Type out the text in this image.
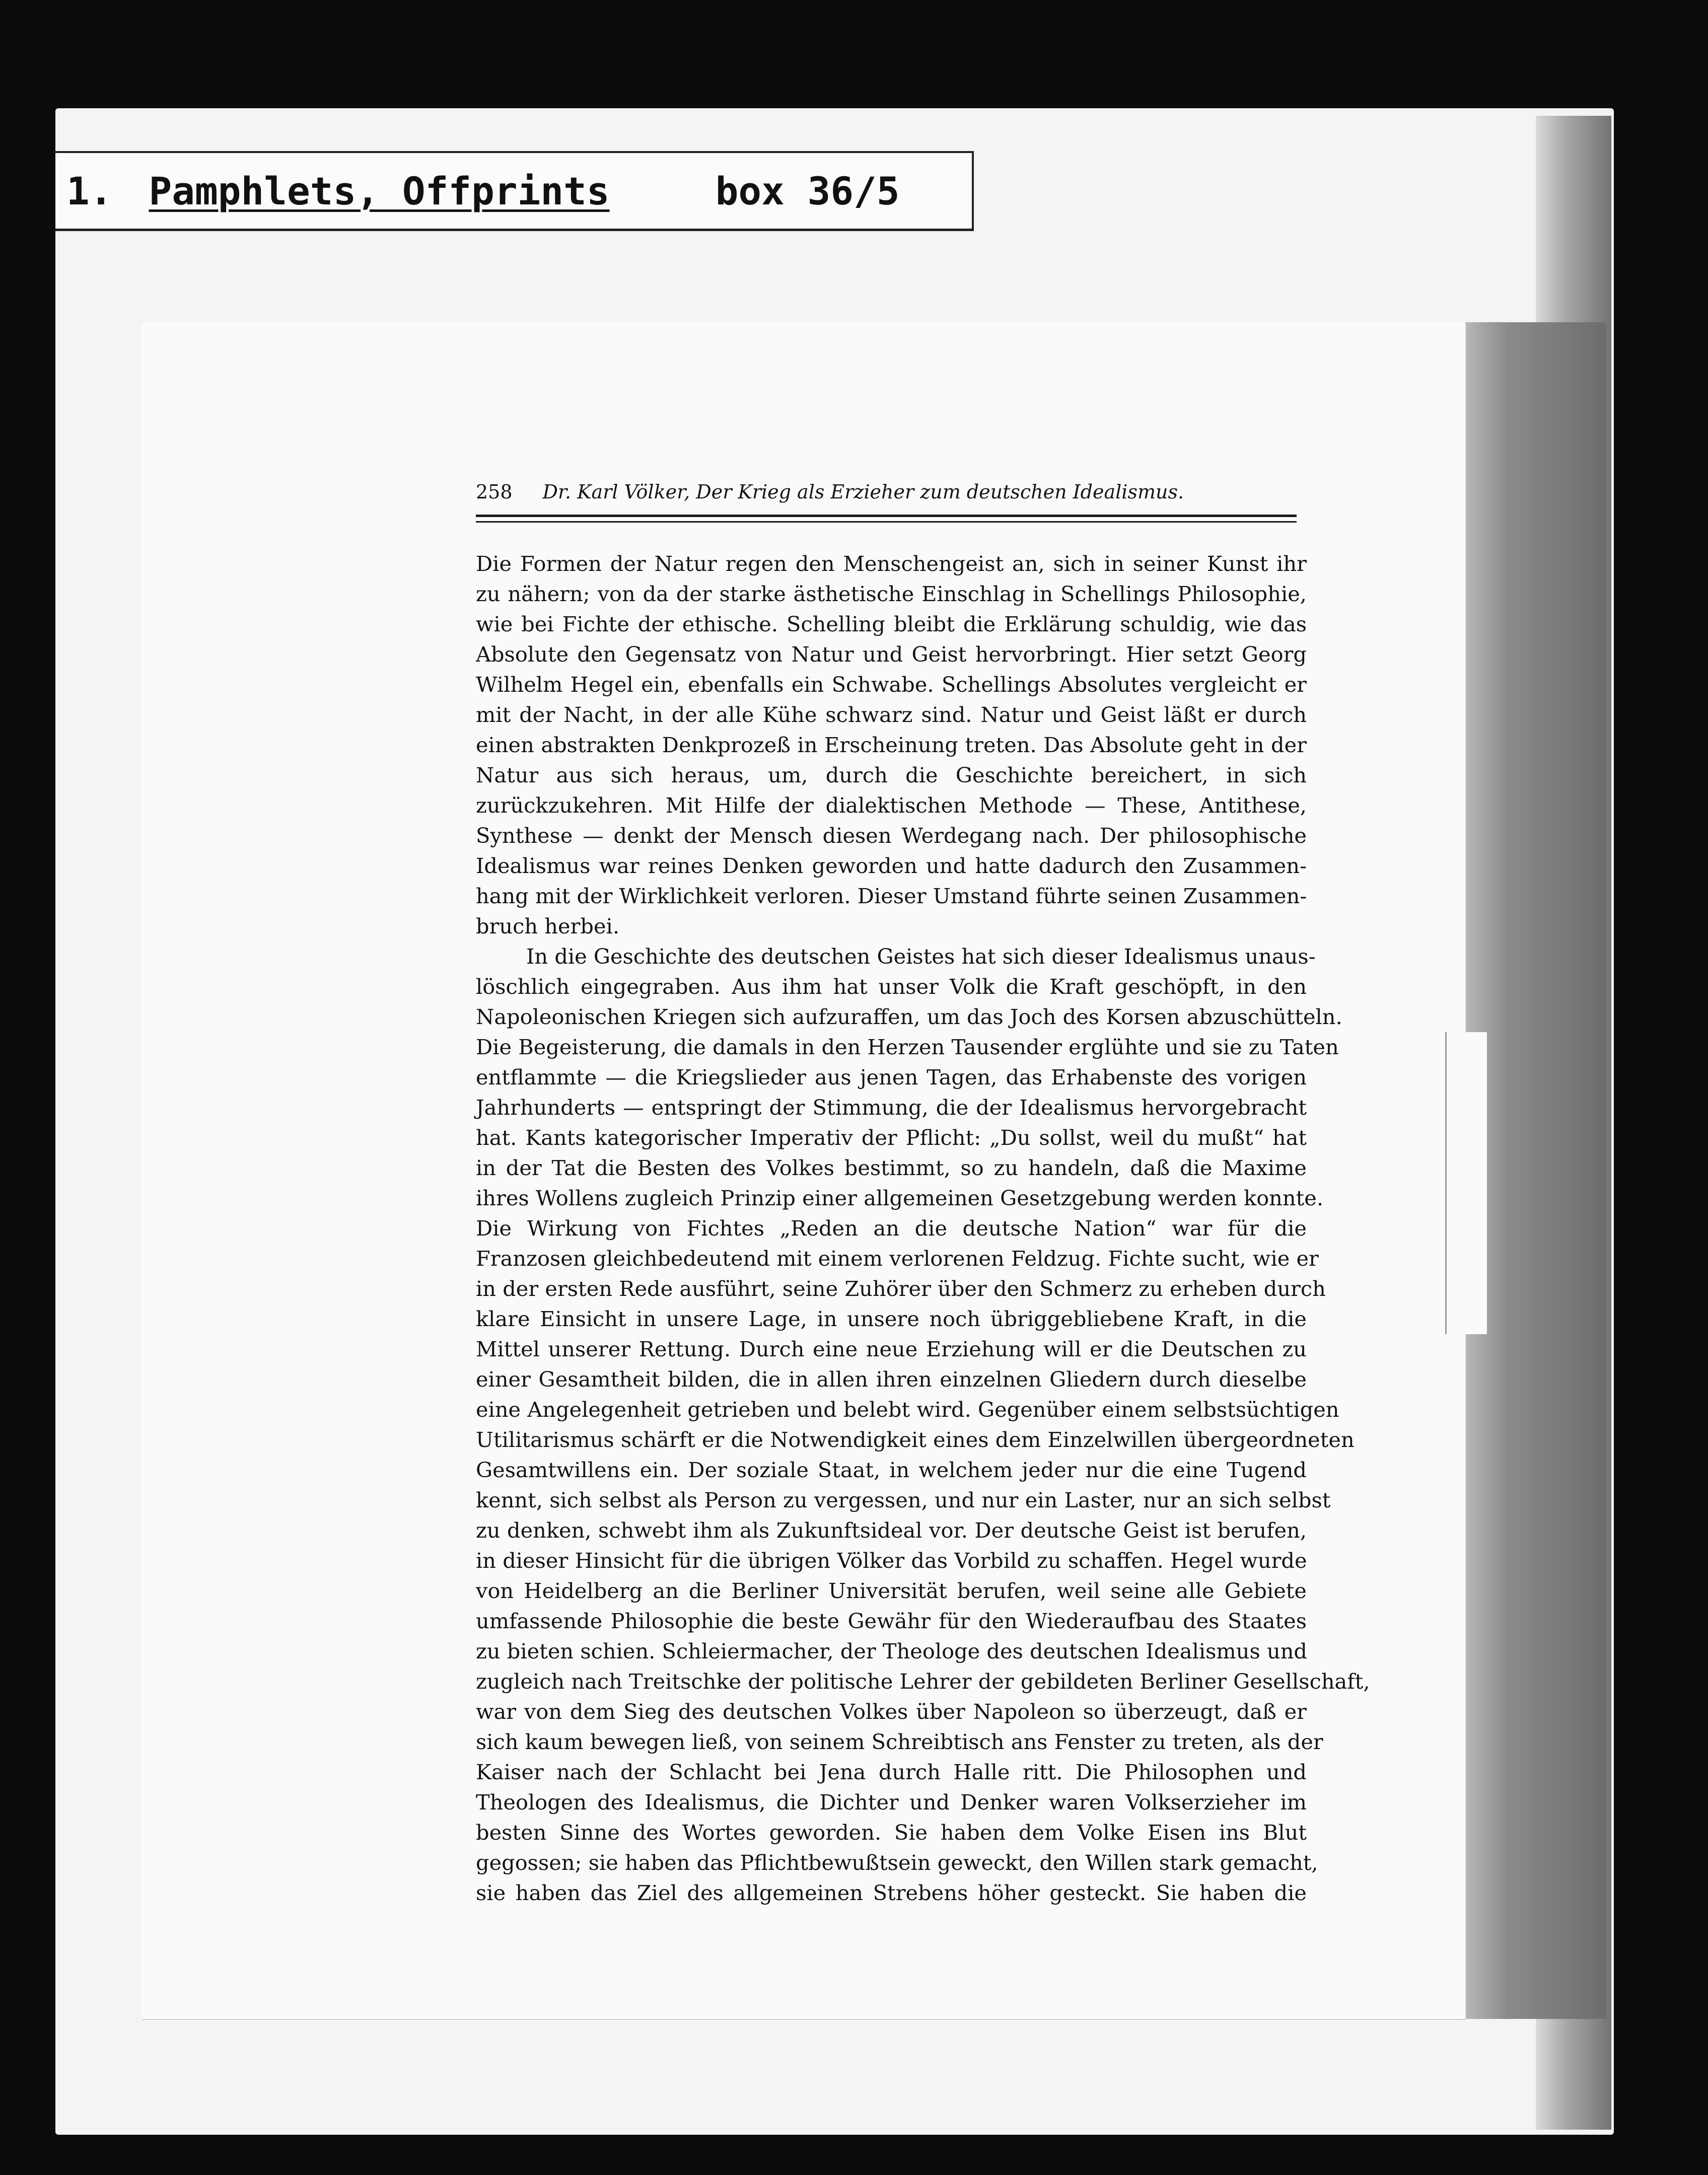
1. Pamphlets, Offprints	box 36/5
258 Dr. Karl Völker, Der Krieg als Erzieher zum deutschen Idealismus.
Die Formen der Natur regen den Menschengeist an, sich in seiner Kunst ihr
zu nähern; von da der starke ästhetische Einschlag in Schellings Philosophie,
wie bei Fichte der ethische. Schelling bleibt die Erklärung schuldig, wie das
Absolute den Gegensatz von Natur und Geist hervorbringt. Hier setzt Georg
Wilhelm Hegel ein, ebenfalls ein Schwabe. Schellings Absolutes vergleicht er
mit der Nacht, in der alle Kühe schwarz sind. Natur und Geist läßt er durch
einen abstrakten Denkprozeß in Erscheinung treten. Das Absolute geht in der
Natur aus sich heraus, um, durch die Geschichte bereichert, in sich
zurückzukehren. Mit Hilfe der dialektischen Methode — These, Antithese,
Synthese — denkt der Mensch diesen Werdegang nach. Der philosophische
Idealismus war reines Denken geworden und hatte dadurch den Zusammen-
hang mit der Wirklichkeit verloren. Dieser Umstand führte seinen Zusammen-
bruch herbei.
In die Geschichte des deutschen Geistes hat sich dieser Idealismus unaus-
löschlich eingegraben. Aus ihm hat unser Volk die Kraft geschöpft, in den
Napoleonischen Kriegen sich aufzuraffen, um das Joch des Korsen abzuschütteln.
Die Begeisterung, die damals in den Herzen Tausender erglühte und sie zu Taten
entflammte — die Kriegslieder aus jenen Tagen, das Erhabenste des vorigen
Jahrhunderts — entspringt der Stimmung, die der Idealismus hervorgebracht
hat. Kants kategorischer Imperativ der Pflicht: „Du sollst, weil du mußt“ hat
in der Tat die Besten des Volkes bestimmt, so zu handeln, daß die Maxime
ihres Wollens zugleich Prinzip einer allgemeinen Gesetzgebung werden konnte.
Die Wirkung von Fichtes „Reden an die deutsche Nation“ war für die
Franzosen gleichbedeutend mit einem verlorenen Feldzug. Fichte sucht, wie er
in der ersten Rede ausführt, seine Zuhörer über den Schmerz zu erheben durch
klare Einsicht in unsere Lage, in unsere noch übriggebliebene Kraft, in die
Mittel unserer Rettung. Durch eine neue Erziehung will er die Deutschen zu
einer Gesamtheit bilden, die in allen ihren einzelnen Gliedern durch dieselbe
eine Angelegenheit getrieben und belebt wird. Gegenüber einem selbstsüchtigen
Utilitarismus schärft er die Notwendigkeit eines dem Einzelwillen übergeordneten
Gesamtwillens ein. Der soziale Staat, in welchem jeder nur die eine Tugend
kennt, sich selbst als Person zu vergessen, und nur ein Laster, nur an sich selbst
zu denken, schwebt ihm als Zukunftsideal vor. Der deutsche Geist ist berufen,
in dieser Hinsicht für die übrigen Völker das Vorbild zu schaffen. Hegel wurde
von Heidelberg an die Berliner Universität berufen, weil seine alle Gebiete
umfassende Philosophie die beste Gewähr für den Wiederaufbau des Staates
zu bieten schien. Schleiermacher, der Theologe des deutschen Idealismus und
zugleich nach Treitschke der politische Lehrer der gebildeten Berliner Gesellschaft,
war von dem Sieg des deutschen Volkes über Napoleon so überzeugt, daß er
sich kaum bewegen ließ, von seinem Schreibtisch ans Fenster zu treten, als der
Kaiser nach der Schlacht bei Jena durch Halle ritt. Die Philosophen und
Theologen des Idealismus, die Dichter und Denker waren Volkserzieher im
besten Sinne des Wortes geworden. Sie haben dem Volke Eisen ins Blut
gegossen; sie haben das Pflichtbewußtsein geweckt, den Willen stark gemacht,
sie haben das Ziel des allgemeinen Strebens höher gesteckt. Sie haben die
